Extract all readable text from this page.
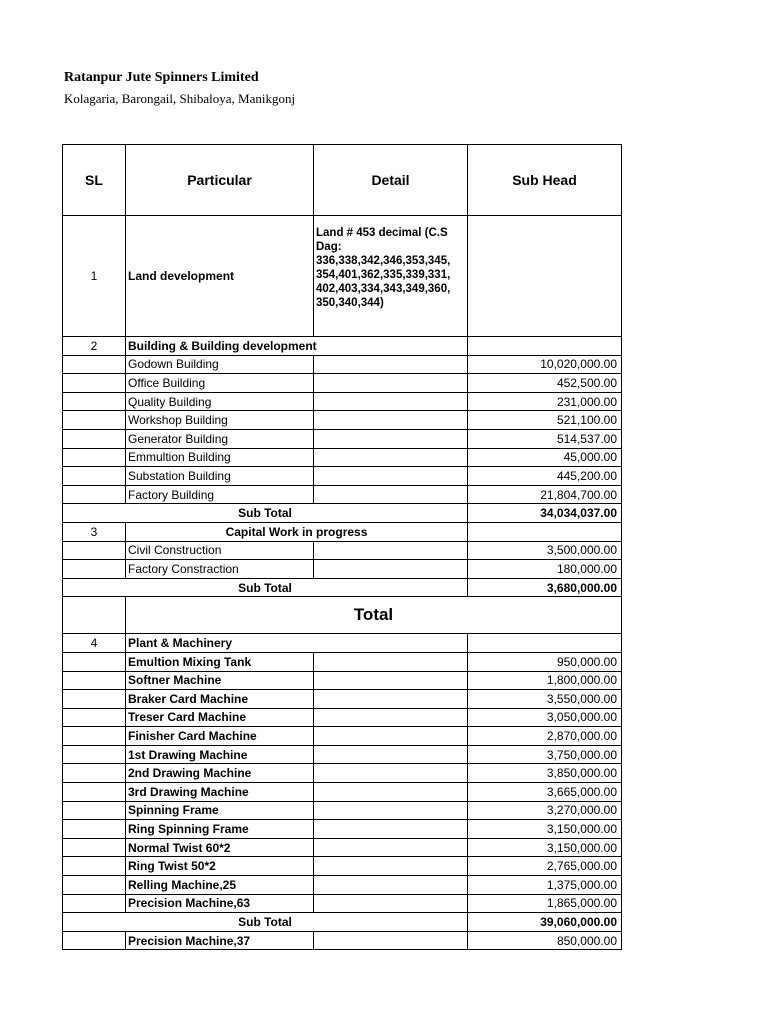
Ratanpur Jute Spinners Limited
Kolagaria, Barongail, Shibaloya, Manikgonj
SL	Particular	Detail	Sub Head
1	Land development	Land # 453 decimal (C.S Dag: 336,338,342,346,353,345, 354,401,362,335,339,331, 402,403,334,343,349,360, 350,340,344)	
2	Building & Building development		
	Godown Building		10,020,000.00
	Office Building		452,500.00
	Quality Building		231,000.00
	Workshop Building		521,100.00
	Generator Building		514,537.00
	Emmultion Building		45,000.00
	Substation Building		445,200.00
	Factory Building		21,804,700.00
Sub Total			34,034,037.00
3	Capital Work in progress		
	Civil Construction		3,500,000.00
	Factory Constraction		180,000.00
Sub Total			3,680,000.00
	Total		
4	Plant & Machinery		
	Emultion Mixing Tank		950,000.00
	Softner Machine		1,800,000.00
	Braker Card Machine		3,550,000.00
	Treser Card Machine		3,050,000.00
	Finisher Card Machine		2,870,000.00
	1st Drawing Machine		3,750,000.00
	2nd Drawing Machine		3,850,000.00
	3rd Drawing Machine		3,665,000.00
	Spinning Frame		3,270,000.00
	Ring Spinning Frame		3,150,000.00
	Normal Twist 60*2		3,150,000.00
	Ring Twist 50*2		2,765,000.00
	Relling Machine,25		1,375,000.00
	Precision Machine,63		1,865,000.00
Sub Total			39,060,000.00
	Precision Machine,37		850,000.00
